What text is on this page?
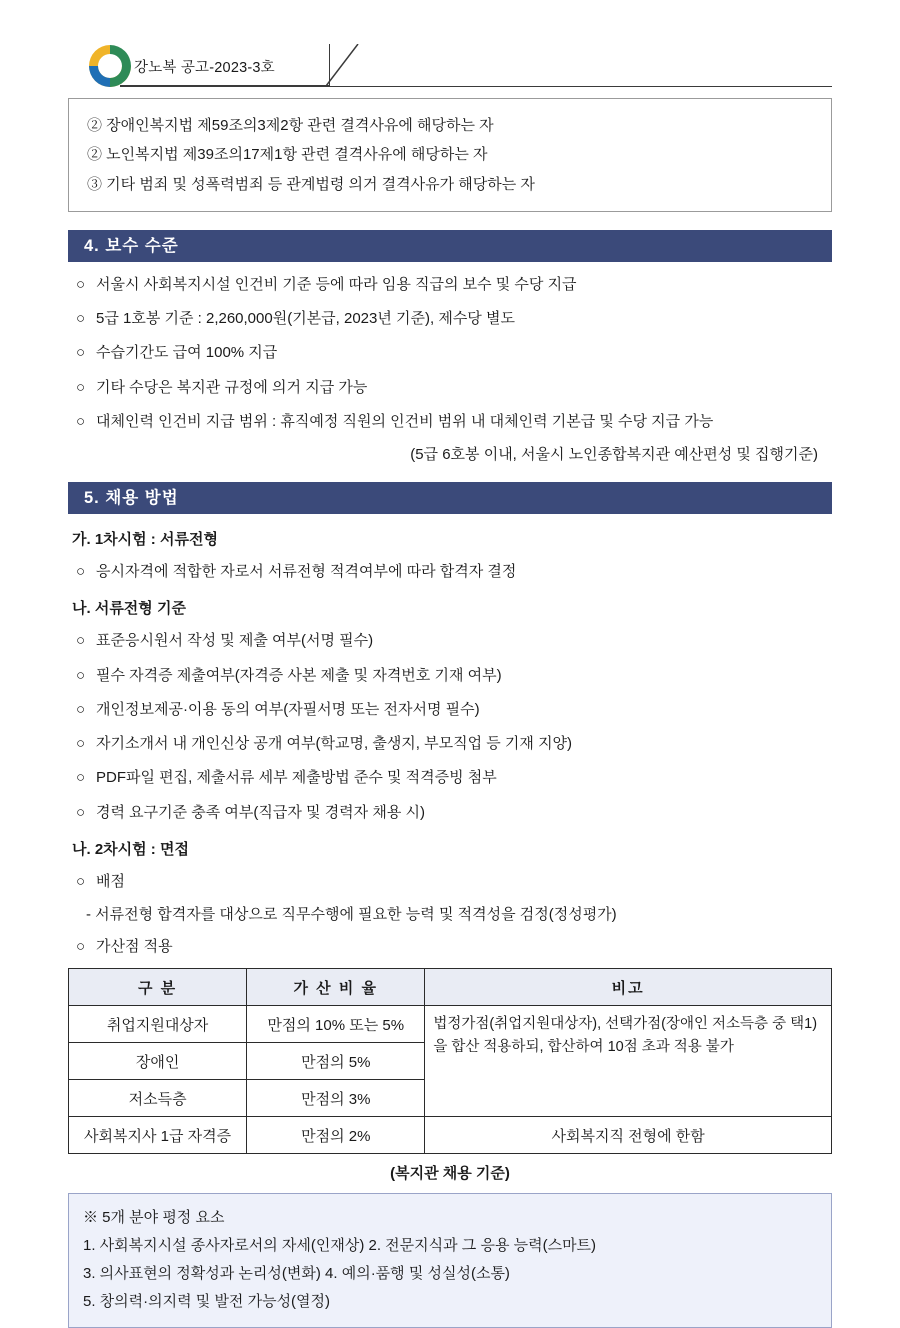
강노복 공고-2023-3호
② 장애인복지법 제59조의3제2항 관련 결격사유에 해당하는 자
② 노인복지법 제39조의17제1항 관련 결격사유에 해당하는 자
③ 기타 범죄 및 성폭력범죄 등 관계법령 의거 결격사유가 해당하는 자
4. 보수 수준
○ 서울시 사회복지시설 인건비 기준 등에 따라 임용 직급의 보수 및 수당 지급
○ 5급 1호봉 기준 : 2,260,000원(기본급, 2023년 기준), 제수당 별도
○ 수습기간도 급여 100% 지급
○ 기타 수당은 복지관 규정에 의거 지급 가능
○ 대체인력 인건비 지급 범위 : 휴직예정 직원의 인건비 범위 내 대체인력 기본급 및 수당 지급 가능
(5급 6호봉 이내, 서울시 노인종합복지관 예산편성 및 집행기준)
5. 채용 방법
가. 1차시험 : 서류전형
○ 응시자격에 적합한 자로서 서류전형 적격여부에 따라 합격자 결정
나. 서류전형 기준
○ 표준응시원서 작성 및 제출 여부(서명 필수)
○ 필수 자격증 제출여부(자격증 사본 제출 및 자격번호 기재 여부)
○ 개인정보제공·이용 동의 여부(자필서명 또는 전자서명 필수)
○ 자기소개서 내 개인신상 공개 여부(학교명, 출생지, 부모직업 등 기재 지양)
○ PDF파일 편집, 제출서류 세부 제출방법 준수 및 적격증빙 첨부
○ 경력 요구기준 충족 여부(직급자 및 경력자 채용 시)
나. 2차시험 : 면접
○ 배점
- 서류전형 합격자를 대상으로 직무수행에 필요한 능력 및 적격성을 검정(정성평가)
○ 가산점 적용
구 분	가 산 비 율	비고
취업지원대상자	만점의 10% 또는 5%	법정가점(취업지원대상자), 선택가점(장애인 저소득층 중 택1)을 합산 적용하되, 합산하여 10점 초과 적용 불가
장애인	만점의 5%	
저소득층	만점의 3%	
사회복지사 1급 자격증	만점의 2%	사회복지직 전형에 한함
(복지관 채용 기준)
※ 5개 분야 평정 요소
1. 사회복지시설 종사자로서의 자세(인재상) 2. 전문지식과 그 응용 능력(스마트)
3. 의사표현의 정확성과 논리성(변화) 4. 예의·품행 및 성실성(소통)
5. 창의력·의지력 및 발전 가능성(열정)
